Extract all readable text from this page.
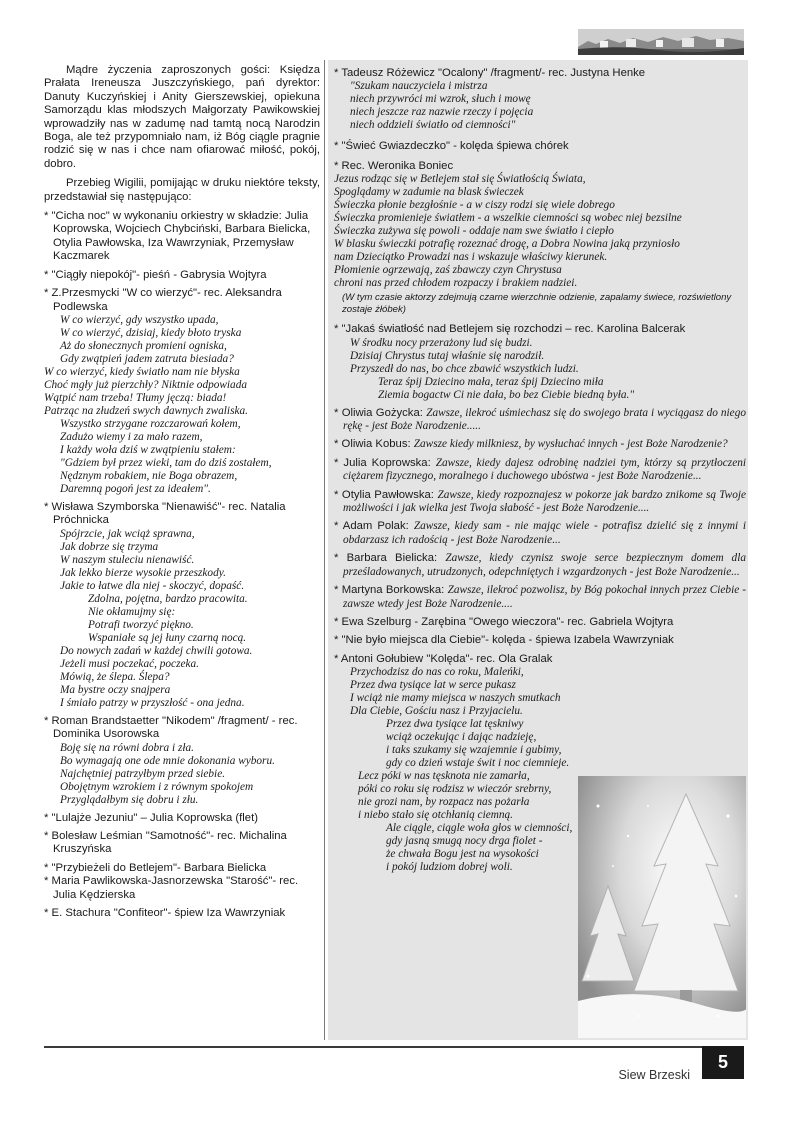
Mądre życzenia zaproszonych gości: Księdza Prałata Ireneusza Juszczyńskiego, pań dyrektor: Danuty Kuczyńskiej i Anity Gierszewskiej, opiekuna Samorządu klas młodszych Małgorzaty Pawikowskiej wprowadziły nas w zadumę nad tamtą nocą Narodzin Boga, ale też przypomniało nam, iż Bóg ciągle pragnie rodzić się w nas i chce nam ofiarować miłość, pokój, dobro.

Przebieg Wigilii, pomijając w druku niektóre teksty, przedstawiał się następująco:

* "Cicha noc" w wykonaniu orkiestry w składzie: Julia Koprowska, Wojciech Chybciński, Barbara Bielicka, Otylia Pawłowska, Iza Wawrzyniak, Przemysław Kaczmarek

* "Ciągły niepokój"- pieśń - Gabrysia Wojtyra

* Z.Przesmycki "W co wierzyć"- rec. Aleksandra Podlewska

W co wierzyć, gdy wszystko upada,

W co wierzyć, dzisiaj, kiedy błoto tryska

Aż do słonecznych promieni ogniska,

Gdy zwątpień jadem zatruta biesiada?

W co wierzyć, kiedy światło nam nie błyska

Choć mgły już pierzchły? Niktnie odpowiada

Wątpić nam trzeba! Tłumy jęczą: biada!

Patrząc na złudzeń swych dawnych zwaliska.

Wszystko strzygane rozczarowań kołem,

Zadużo wiemy i za mało razem,

I każdy woła dziś w zwątpieniu stałem:

"Gdziem był przez wieki, tam do dziś zostałem,

Nędznym robakiem, nie Boga obrazem,

Daremną pogoń jest za ideałem".

* Wisława Szymborska "Nienawiść"- rec. Natalia Próchnicka

Spójrzcie, jak wciąż sprawna,

Jak dobrze się trzyma

W naszym stuleciu nienawiść.

Jak lekko bierze wysokie przeszkody.

Jakie to łatwe dla niej - skoczyć, dopaść.

Zdolna, pojętna, bardzo pracowita.

Nie okłamujmy się:

Potrafi tworzyć piękno.

Wspaniałe są jej łuny czarną nocą.

Do nowych zadań w każdej chwili gotowa.

Jeżeli musi poczekać, poczeka.

Mówią, że ślepa. Ślepa?

Ma bystre oczy snajpera

I śmiało patrzy w przyszłość - ona jedna.

* Roman Brandstaetter "Nikodem" /fragment/ - rec. Dominika Usorowska

Boję się na równi dobra i zła.

Bo wymagają one ode mnie dokonania wyboru.

Najchętniej patrzyłbym przed siebie.

Obojętnym wzrokiem i z równym spokojem

Przyglądałbym się dobru i złu.

* "Lulajże Jezuniu" – Julia Koprowska (flet)

* Bolesław Leśmian "Samotność"- rec. Michalina Kruszyńska

* "Przybieżeli do Betlejem"- Barbara Bielicka

* Maria Pawlikowska-Jasnorzewska "Starość"- rec. Julia Kędzierska

* E. Stachura "Confiteor"- śpiew Iza Wawrzyniak

* Tadeusz Różewicz "Ocalony" /fragment/- rec. Justyna Henke

"Szukam nauczyciela i mistrza

niech przywróci mi wzrok, słuch i mowę

niech jeszcze raz nazwie rzeczy i pojęcia

niech oddzieli światło od ciemności"

* "Świeć Gwiazdeczko" - kolęda śpiewa chórek

* Rec. Weronika Boniec

Jezus rodząc się w Betlejem stał się Światłością Świata,

Spoglądamy w zadumie na blask świeczek

Świeczka płonie bezgłośnie - a w ciszy rodzi się wiele dobrego

Świeczka promienieje światłem - a wszelkie ciemności są wobec niej bezsilne

Świeczka zużywa się powoli - oddaje nam swe światło i ciepło

W blasku świeczki potrafię rozeznać drogę, a Dobra Nowina jaką przyniosło

nam Dzieciątko Prowadzi nas i wskazuje właściwy kierunek.

Płomienie ogrzewają, zaś zbawczy czyn Chrystusa

chroni nas przed chłodem rozpaczy i brakiem nadziei.

(W tym czasie aktorzy zdejmują czarne wierzchnie odzienie, zapalamy świece, rozświetlony zostaje żłóbek)

* "Jakaś światłość nad Betlejem się rozchodzi – rec. Karolina Balcerak

W środku nocy przerażony lud się budzi.

Dzisiaj Chrystus tutaj właśnie się narodził.

Przyszedł do nas, bo chce zbawić wszystkich ludzi.

Teraz śpij Dziecino mała, teraz śpij Dziecino miła

Ziemia bogactw Ci nie dała, bo bez Ciebie biedną była."

* Oliwia Gożycka: Zawsze, ilekroć uśmiechasz się do swojego brata i wyciągasz do niego rękę - jest Boże Narodzenie.....

* Oliwia Kobus: Zawsze kiedy milkniesz, by wysłuchać innych - jest Boże Narodzenie?

* Julia Koprowska: Zawsze, kiedy dajesz odrobinę nadziei tym, którzy są przytłoczeni ciężarem fizycznego, moralnego i duchowego ubóstwa - jest Boże Narodzenie...

* Otylia Pawłowska: Zawsze, kiedy rozpoznajesz w pokorze jak bardzo znikome są Twoje możliwości i jak wielka jest Twoja słabość - jest Boże Narodzenie....

* Adam Polak: Zawsze, kiedy sam - nie mając wiele - potrafisz dzielić się z innymi i obdarzasz ich radością - jest Boże Narodzenie...

* Barbara Bielicka: Zawsze, kiedy czynisz swoje serce bezpiecznym domem dla prześladowanych, utrudzonych, odepchniętych i wzgardzonych - jest Boże Narodzenie...

* Martyna Borkowska: Zawsze, ilekroć pozwolisz, by Bóg pokochał innych przez Ciebie - zawsze wtedy jest Boże Narodzenie....

* Ewa Szelburg - Zarębina "Owego wieczora"- rec. Gabriela Wojtyra

* "Nie było miejsca dla Ciebie"- kolęda - śpiewa Izabela Wawrzyniak

* Antoni Gołubiew "Kolęda"- rec. Ola Gralak

Przychodzisz do nas co roku, Maleńki,

Przez dwa tysiące lat w serce pukasz

I wciąż nie mamy miejsca w naszych smutkach

Dla Ciebie, Gościu nasz i Przyjacielu.

Przez dwa tysiące lat tęskniwy

wciąż oczekując i dając nadzieję,

i taks szukamy się wzajemnie i gubimy,

gdy co dzień wstaje świt i noc ciemnieje.

Lecz póki w nas tęsknota nie zamarła,

póki co roku się rodzisz w wieczór srebrny,

nie grozi nam, by rozpacz nas pożarła

i niebo stało się otchłanią ciemną.

Ale ciągle, ciągle woła głos w ciemności,

gdy jasną smugą nocy drga fiolet -

że chwała Bogu jest na wysokości

i pokój ludziom dobrej woli.

Siew Brzeski
5
